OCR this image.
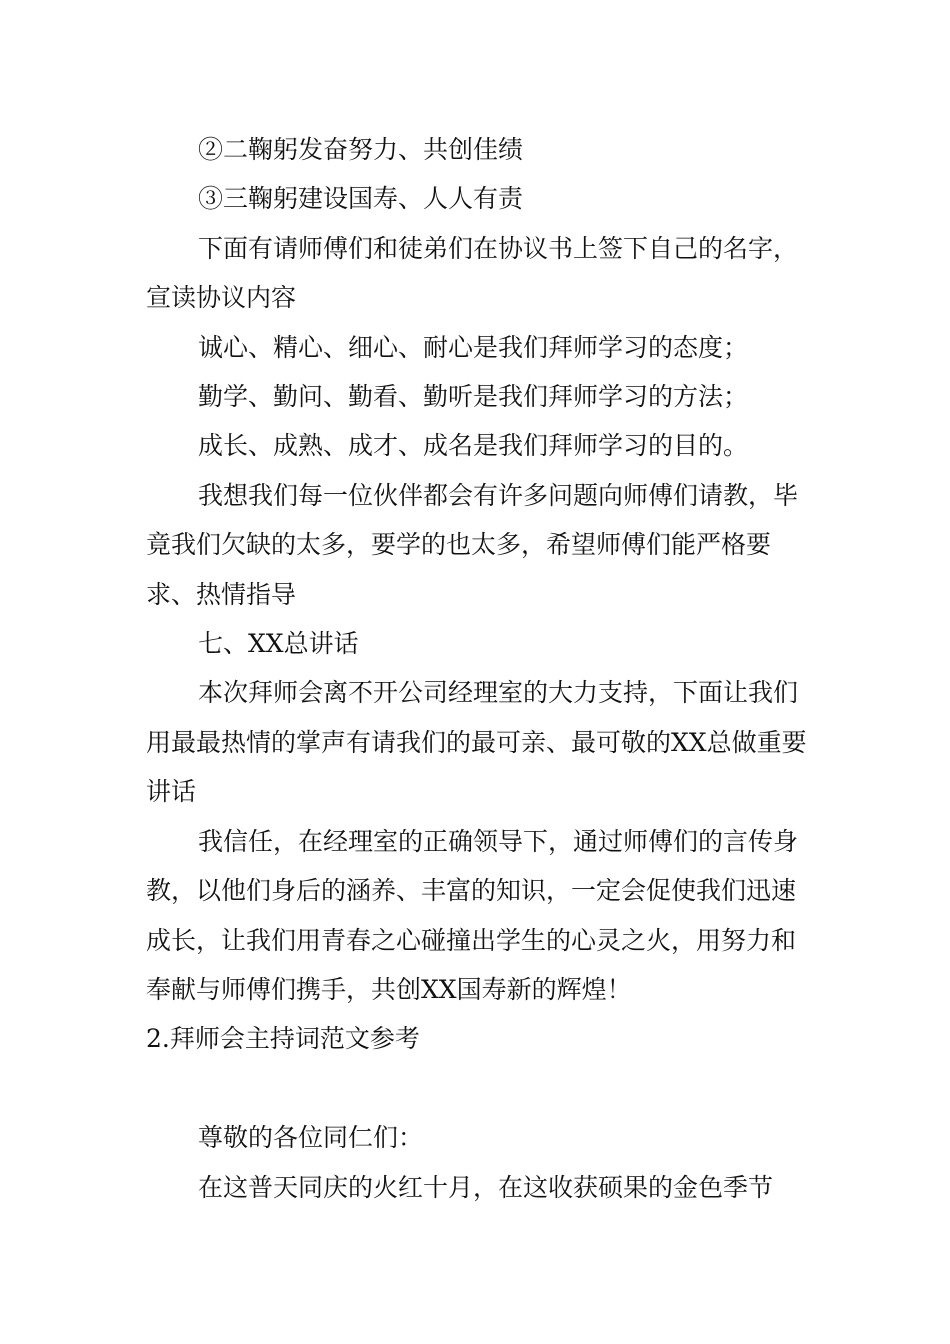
②二鞠躬发奋努力、共创佳绩

③三鞠躬建设国寿、人人有责

下面有请师傅们和徒弟们在协议书上签下自己的名字，宣读协议内容

诚心、精心、细心、耐心是我们拜师学习的态度；

勤学、勤问、勤看、勤听是我们拜师学习的方法；

成长、成熟、成才、成名是我们拜师学习的目的。

我想我们每一位伙伴都会有许多问题向师傅们请教，毕竟我们欠缺的太多，要学的也太多，希望师傅们能严格要求、热情指导

七、XX总讲话

本次拜师会离不开公司经理室的大力支持，下面让我们用最最热情的掌声有请我们的最可亲、最可敬的XX总做重要讲话

我信任，在经理室的正确领导下，通过师傅们的言传身教，以他们身后的涵养、丰富的知识，一定会促使我们迅速成长，让我们用青春之心碰撞出学生的心灵之火，用努力和奉献与师傅们携手，共创XX国寿新的辉煌！

2.拜师会主持词范文参考

尊敬的各位同仁们：

在这普天同庆的火红十月，在这收获硕果的金色季节
